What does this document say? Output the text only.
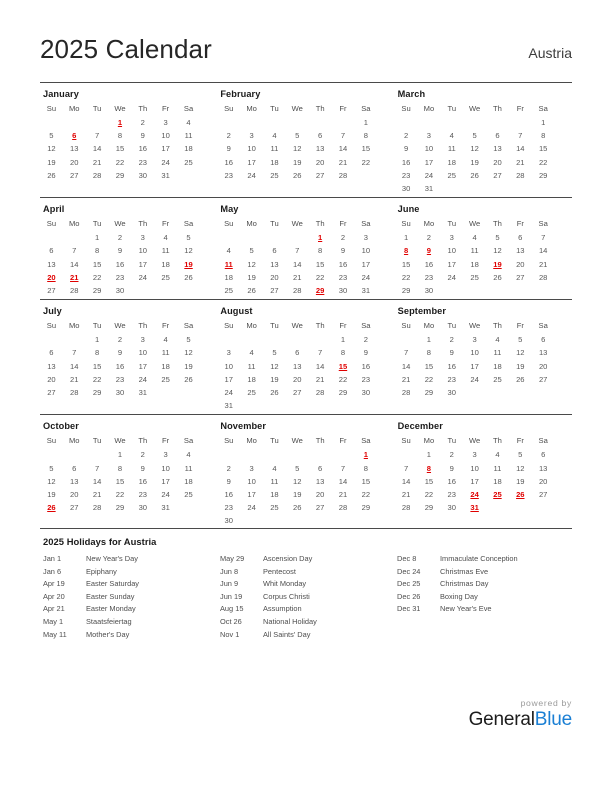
2025 Calendar	Austria
January
Su	Mo	Tu	We	Th	Fr	Sa
			1	2	3	4
5	6	7	8	9	10	11
12	13	14	15	16	17	18
19	20	21	22	23	24	25
26	27	28	29	30	31	
February
Su	Mo	Tu	We	Th	Fr	Sa
						1
2	3	4	5	6	7	8
9	10	11	12	13	14	15
16	17	18	19	20	21	22
23	24	25	26	27	28	
March
Su	Mo	Tu	We	Th	Fr	Sa
						1
2	3	4	5	6	7	8
9	10	11	12	13	14	15
16	17	18	19	20	21	22
23	24	25	26	27	28	29
30	31					
April
Su	Mo	Tu	We	Th	Fr	Sa
		1	2	3	4	5
6	7	8	9	10	11	12
13	14	15	16	17	18	19
20	21	22	23	24	25	26
27	28	29	30			
May
Su	Mo	Tu	We	Th	Fr	Sa
				1	2	3
4	5	6	7	8	9	10
11	12	13	14	15	16	17
18	19	20	21	22	23	24
25	26	27	28	29	30	31
June
Su	Mo	Tu	We	Th	Fr	Sa
1	2	3	4	5	6	7
8	9	10	11	12	13	14
15	16	17	18	19	20	21
22	23	24	25	26	27	28
29	30					
July
Su	Mo	Tu	We	Th	Fr	Sa
		1	2	3	4	5
6	7	8	9	10	11	12
13	14	15	16	17	18	19
20	21	22	23	24	25	26
27	28	29	30	31		
August
Su	Mo	Tu	We	Th	Fr	Sa
					1	2
3	4	5	6	7	8	9
10	11	12	13	14	15	16
17	18	19	20	21	22	23
24	25	26	27	28	29	30
31						
September
Su	Mo	Tu	We	Th	Fr	Sa
	1	2	3	4	5	6
7	8	9	10	11	12	13
14	15	16	17	18	19	20
21	22	23	24	25	26	27
28	29	30				
October
Su	Mo	Tu	We	Th	Fr	Sa
			1	2	3	4
5	6	7	8	9	10	11
12	13	14	15	16	17	18
19	20	21	22	23	24	25
26	27	28	29	30	31	
November
Su	Mo	Tu	We	Th	Fr	Sa
						1
2	3	4	5	6	7	8
9	10	11	12	13	14	15
16	17	18	19	20	21	22
23	24	25	26	27	28	29
30						
December
Su	Mo	Tu	We	Th	Fr	Sa
	1	2	3	4	5	6
7	8	9	10	11	12	13
14	15	16	17	18	19	20
21	22	23	24	25	26	27
28	29	30	31			
2025 Holidays for Austria
Jan 1	New Year's Day
Jan 6	Epiphany
Apr 19	Easter Saturday
Apr 20	Easter Sunday
Apr 21	Easter Monday
May 1	Staatsfeiertag
May 11	Mother's Day
May 29	Ascension Day
Jun 8	Pentecost
Jun 9	Whit Monday
Jun 19	Corpus Christi
Aug 15	Assumption
Oct 26	National Holiday
Nov 1	All Saints' Day
Dec 8	Immaculate Conception
Dec 24	Christmas Eve
Dec 25	Christmas Day
Dec 26	Boxing Day
Dec 31	New Year's Eve
powered by
GeneralBlue
